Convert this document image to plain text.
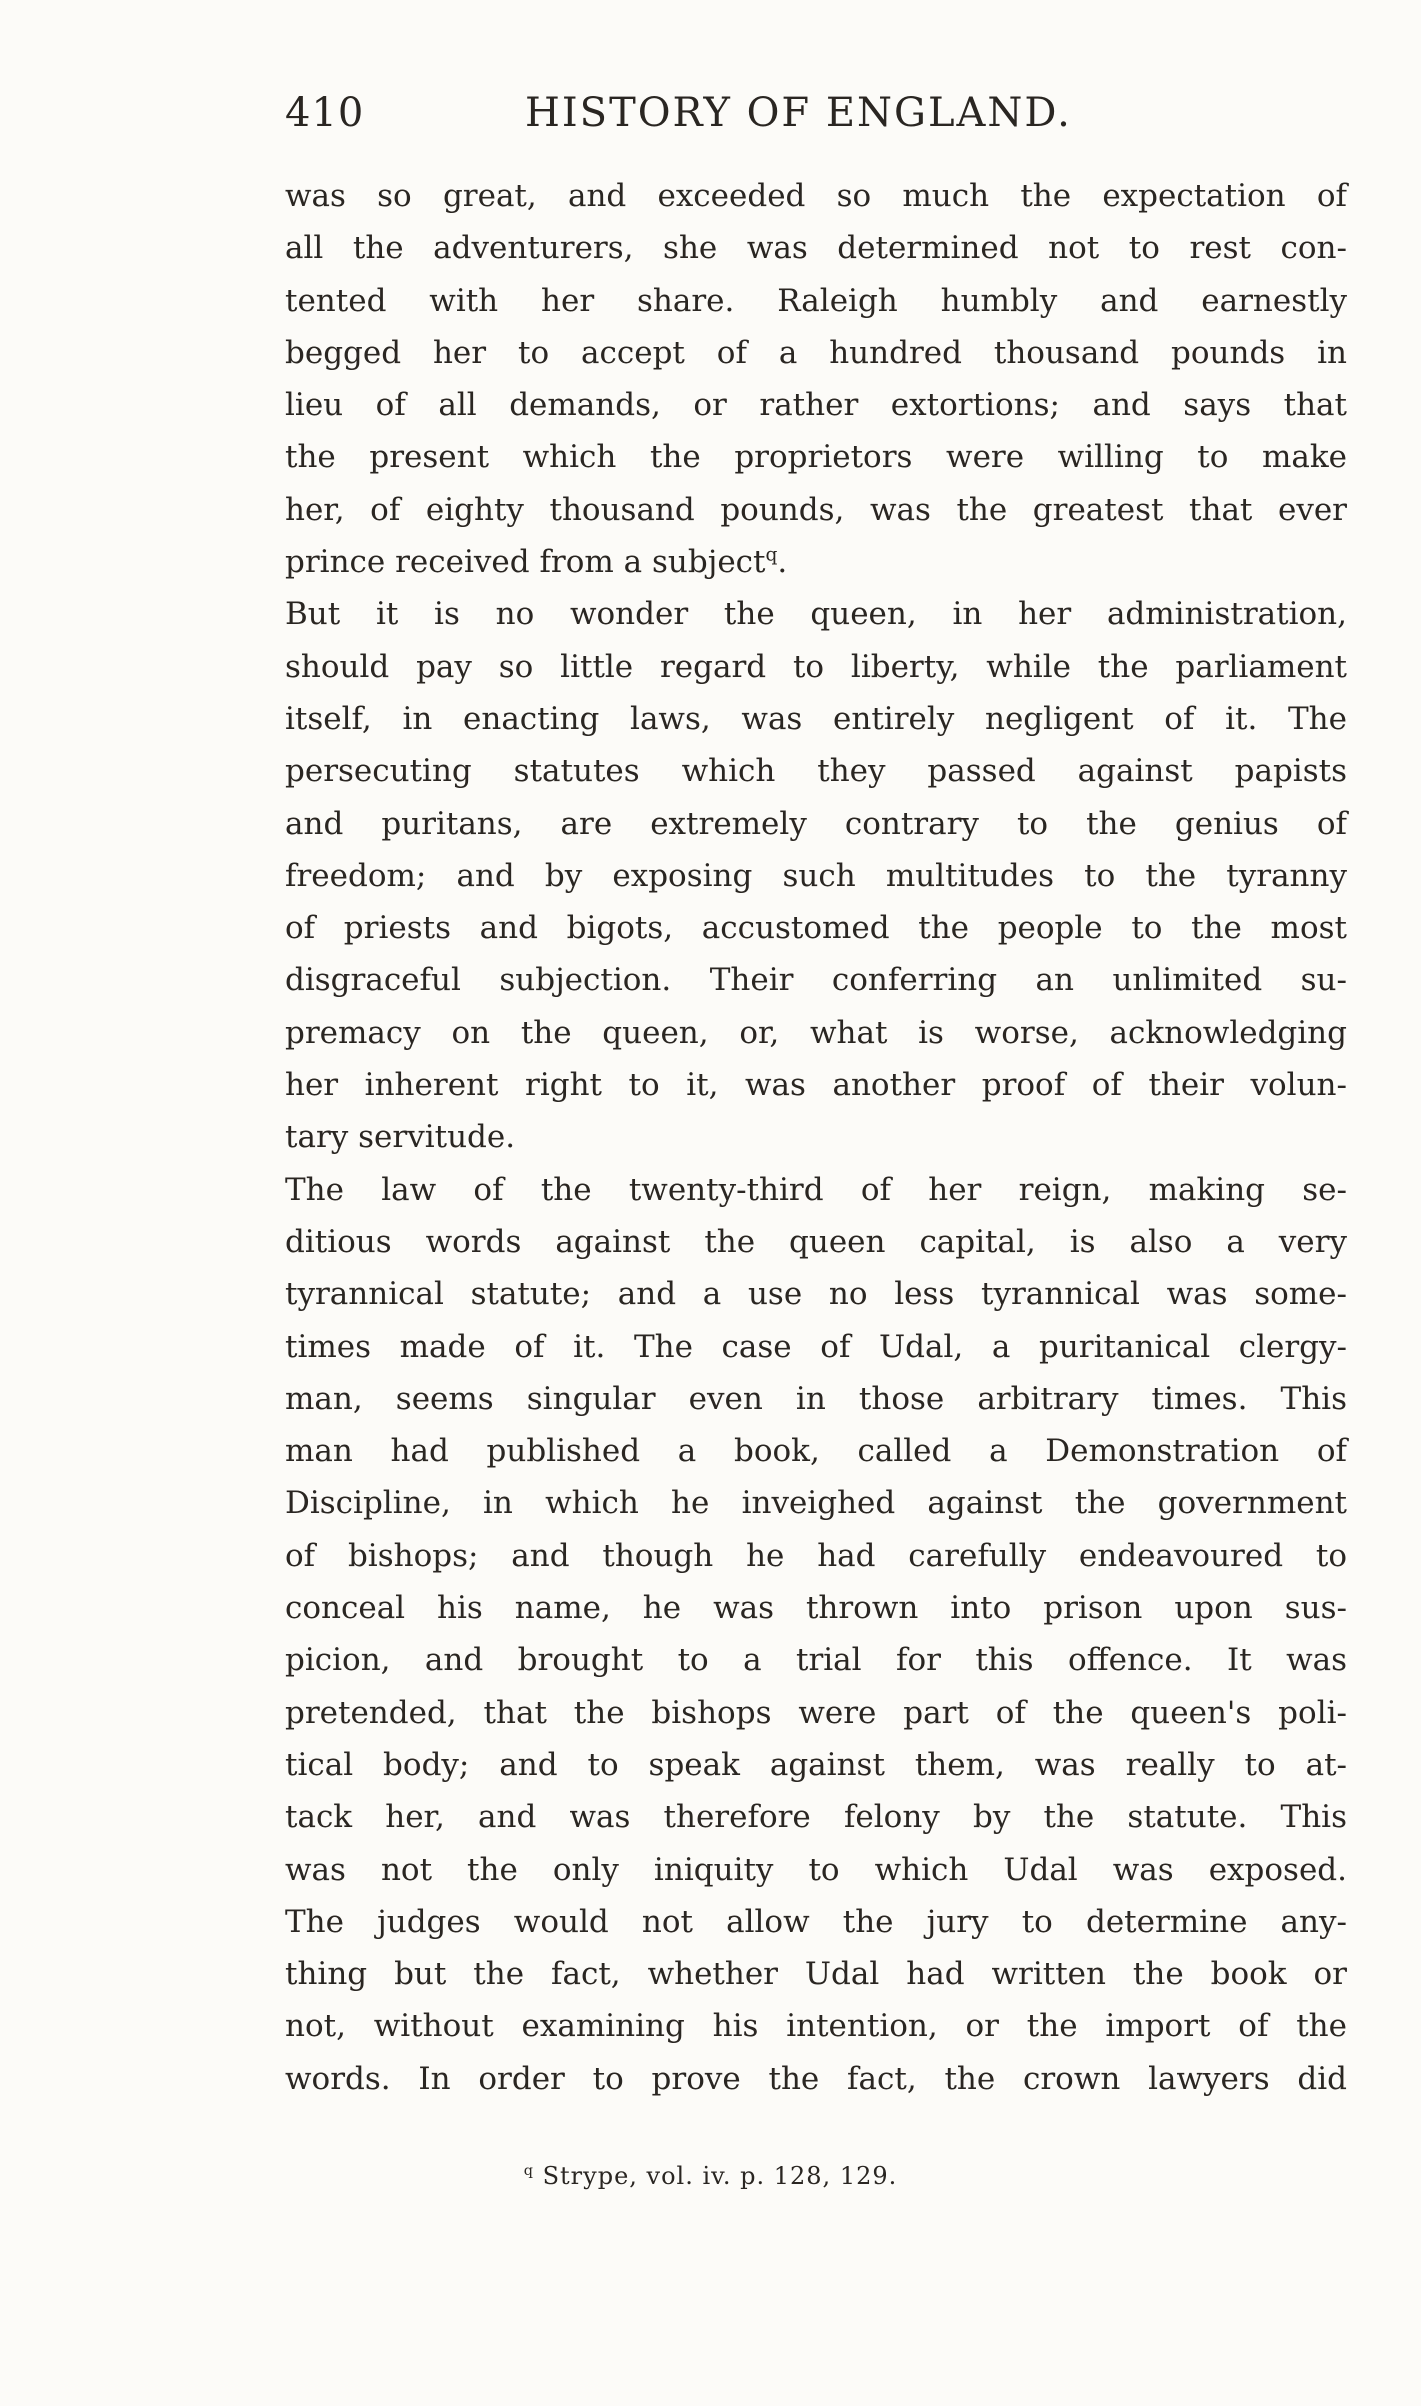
410	HISTORY OF ENGLAND.
was so great, and exceeded so much the expectation of
all the adventurers, she was determined not to rest con-
tented with her share. Raleigh humbly and earnestly
begged her to accept of a hundred thousand pounds in
lieu of all demands, or rather extortions; and says that
the present which the proprietors were willing to make
her, of eighty thousand pounds, was the greatest that ever
prince received from a subject$^q$.
But it is no wonder the queen, in her administration,
should pay so little regard to liberty, while the parliament
itself, in enacting laws, was entirely negligent of it. The
persecuting statutes which they passed against papists
and puritans, are extremely contrary to the genius of
freedom; and by exposing such multitudes to the tyranny
of priests and bigots, accustomed the people to the most
disgraceful subjection. Their conferring an unlimited su-
premacy on the queen, or, what is worse, acknowledging
her inherent right to it, was another proof of their volun-
tary servitude.
The law of the twenty-third of her reign, making se-
ditious words against the queen capital, is also a very
tyrannical statute; and a use no less tyrannical was some-
times made of it. The case of Udal, a puritanical clergy-
man, seems singular even in those arbitrary times. This
man had published a book, called a Demonstration of
Discipline, in which he inveighed against the government
of bishops; and though he had carefully endeavoured to
conceal his name, he was thrown into prison upon sus-
picion, and brought to a trial for this offence. It was
pretended, that the bishops were part of the queen's poli-
tical body; and to speak against them, was really to at-
tack her, and was therefore felony by the statute. This
was not the only iniquity to which Udal was exposed.
The judges would not allow the jury to determine any-
thing but the fact, whether Udal had written the book or
not, without examining his intention, or the import of the
words. In order to prove the fact, the crown lawyers did
$^q$ Strype, vol. iv. p. 128, 129.
